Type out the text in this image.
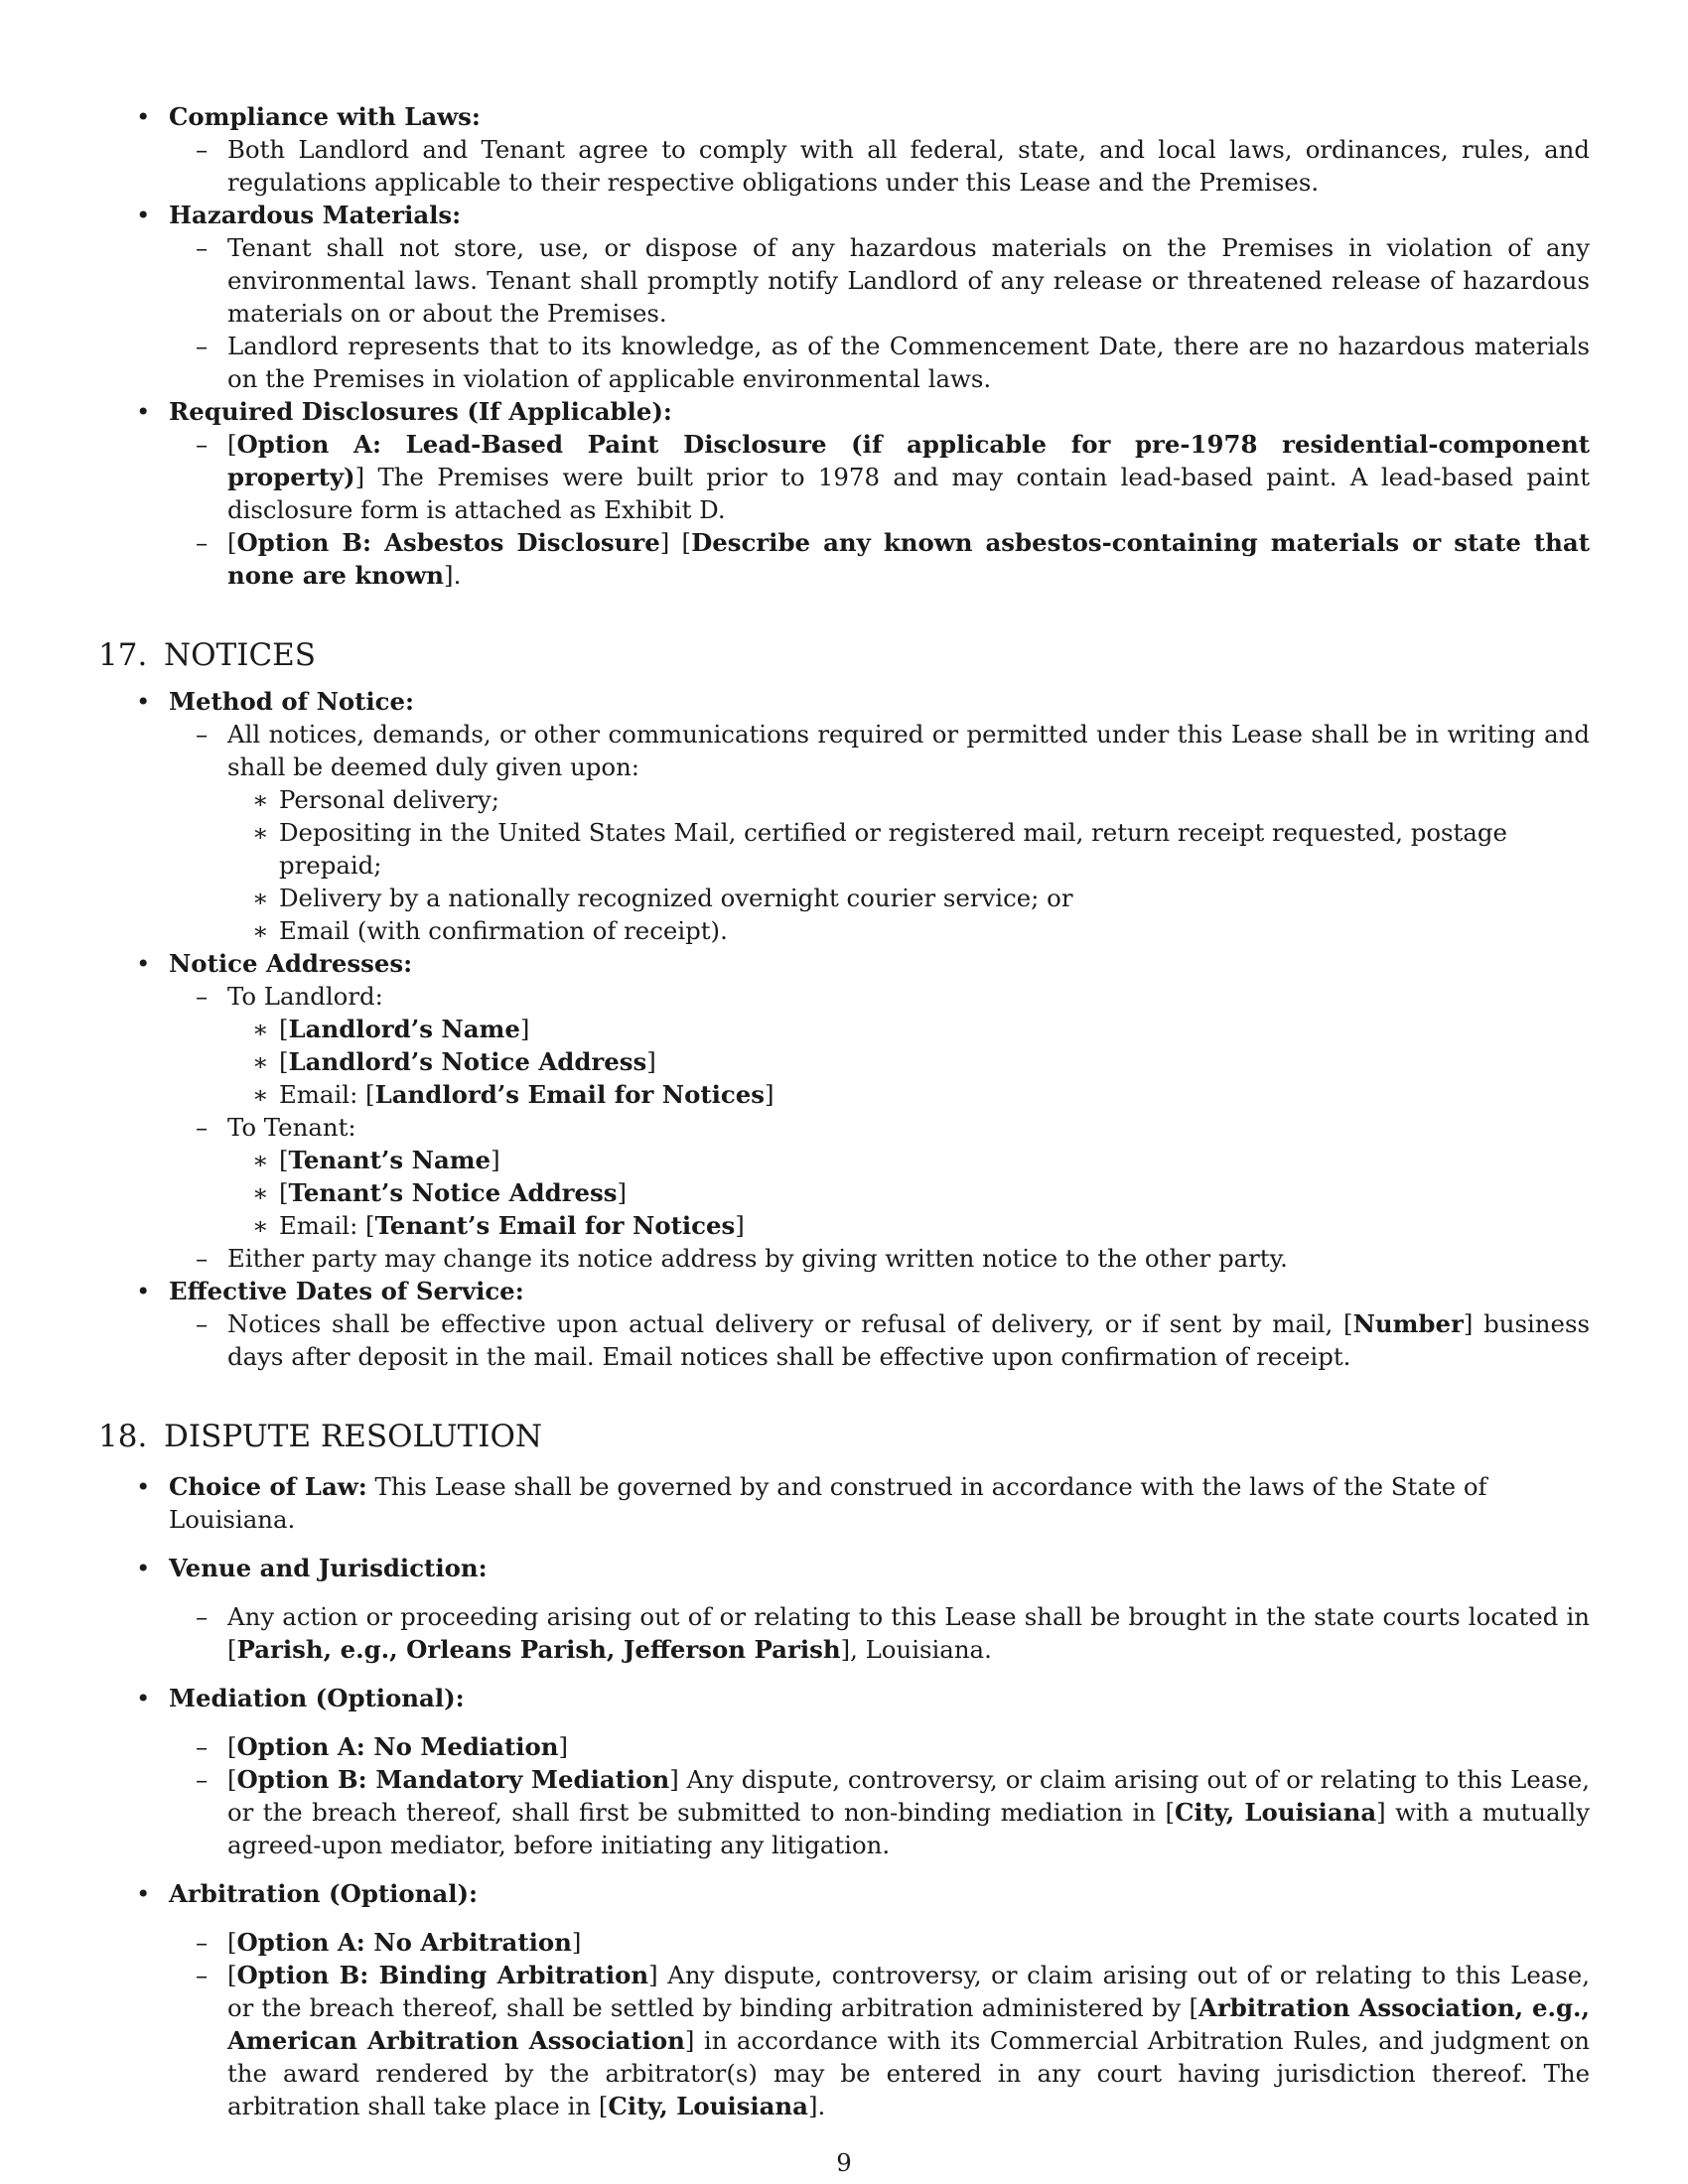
• Compliance with Laws:
– Both Landlord and Tenant agree to comply with all federal, state, and local laws, ordinances, rules, and regulations applicable to their respective obligations under this Lease and the Premises.
• Hazardous Materials:
– Tenant shall not store, use, or dispose of any hazardous materials on the Premises in violation of any environmental laws. Tenant shall promptly notify Landlord of any release or threatened release of hazardous materials on or about the Premises.
– Landlord represents that to its knowledge, as of the Commencement Date, there are no hazardous materials on the Premises in violation of applicable environmental laws.
• Required Disclosures (If Applicable):
– [Option A: Lead-Based Paint Disclosure (if applicable for pre-1978 residential-component property)] The Premises were built prior to 1978 and may contain lead-based paint. A lead-based paint disclosure form is attached as Exhibit D.
– [Option B: Asbestos Disclosure] [Describe any known asbestos-containing materials or state that none are known].
17. NOTICES
• Method of Notice:
– All notices, demands, or other communications required or permitted under this Lease shall be in writing and shall be deemed duly given upon:
∗ Personal delivery;
∗ Depositing in the United States Mail, certified or registered mail, return receipt requested, postage prepaid;
∗ Delivery by a nationally recognized overnight courier service; or
∗ Email (with confirmation of receipt).
• Notice Addresses:
– To Landlord:
∗ [Landlord’s Name]
∗ [Landlord’s Notice Address]
∗ Email: [Landlord’s Email for Notices]
– To Tenant:
∗ [Tenant’s Name]
∗ [Tenant’s Notice Address]
∗ Email: [Tenant’s Email for Notices]
– Either party may change its notice address by giving written notice to the other party.
• Effective Dates of Service:
– Notices shall be effective upon actual delivery or refusal of delivery, or if sent by mail, [Number] business days after deposit in the mail. Email notices shall be effective upon confirmation of receipt.
18. DISPUTE RESOLUTION
• Choice of Law: This Lease shall be governed by and construed in accordance with the laws of the State of Louisiana.
• Venue and Jurisdiction:
– Any action or proceeding arising out of or relating to this Lease shall be brought in the state courts located in [Parish, e.g., Orleans Parish, Jefferson Parish], Louisiana.
• Mediation (Optional):
– [Option A: No Mediation]
– [Option B: Mandatory Mediation] Any dispute, controversy, or claim arising out of or relating to this Lease, or the breach thereof, shall first be submitted to non-binding mediation in [City, Louisiana] with a mutually agreed-upon mediator, before initiating any litigation.
• Arbitration (Optional):
– [Option A: No Arbitration]
– [Option B: Binding Arbitration] Any dispute, controversy, or claim arising out of or relating to this Lease, or the breach thereof, shall be settled by binding arbitration administered by [Arbitration Association, e.g., American Arbitration Association] in accordance with its Commercial Arbitration Rules, and judgment on the award rendered by the arbitrator(s) may be entered in any court having jurisdiction thereof. The arbitration shall take place in [City, Louisiana].
9
